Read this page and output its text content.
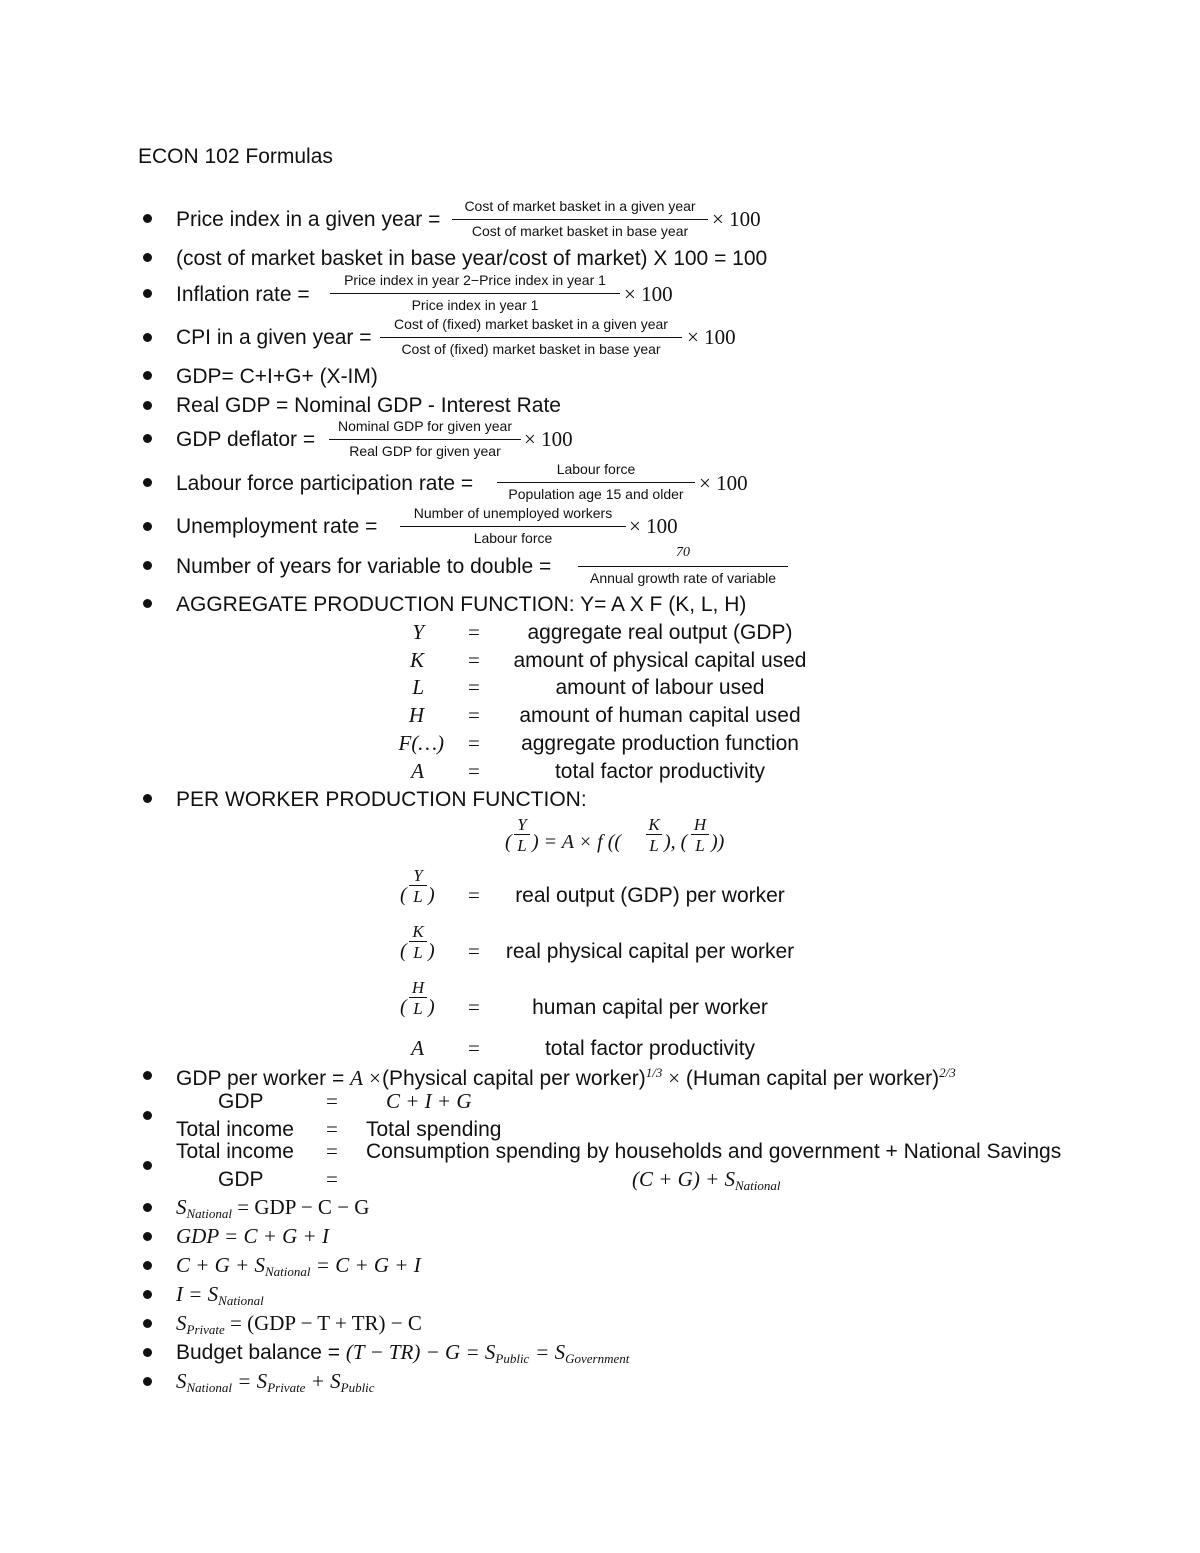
ECON 102 Formulas
Price index in a given year =
Cost of market basket in a given year
Cost of market basket in base year	× 100
(cost of market basket in base year/cost of market) X 100 = 100
Inflation rate =
Price index in year 2−Price index in year 1
Price index in year 1	× 100
CPI in a given year =
Cost of (fixed) market basket in a given year
Cost of (fixed) market basket in base year	× 100
GDP= C+I+G+ (X-IM)
Real GDP = Nominal GDP - Interest Rate
GDP deflator =
Nominal GDP for given year
Real GDP for given year	× 100
Labour force participation rate =
Labour force
Population age 15 and older × 100
Unemployment rate =
Number of unemployed workers
Labour force	× 100
Number of years for variable to double =
70
Annual growth rate of variable
AGGREGATE PRODUCTION FUNCTION: Y= A X F (K, L, H)
Y =	aggregate real output (GDP)
K =	amount of physical capital used
L =	amount of labour used
H =	amount of human capital used
F(…) =	aggregate production function
A =	total factor productivity
PER WORKER PRODUCTION FUNCTION:
(
Y
L ) = A × f ((
K
L ), (
H
L ))
(
Y
L ) =	real output (GDP) per worker
(
K
L ) =	real physical capital per worker
(
H
L ) =	human capital per worker
A =	total factor productivity
GDP per worker = A ×(Physical capital per worker)$^{1/3}$ × (Human capital per worker)$^{2/3}$
GDP	= C + I + G
Total income = Total spending
Total income = Consumption spending by households and government + National Savings
GDP	=	$(C + G) + S_{National}$
$S_{National}$ = GDP − C − G
GDP = C + G + I
$C + G + S_{National} = C + G + I$
$I = S_{National}$
$S_{Private} = (GDP - T + TR) - C$
Budget balance = $(T - TR) - G = S_{Public} = S_{Government}$
$S_{National} = S_{Private} + S_{Public}$
